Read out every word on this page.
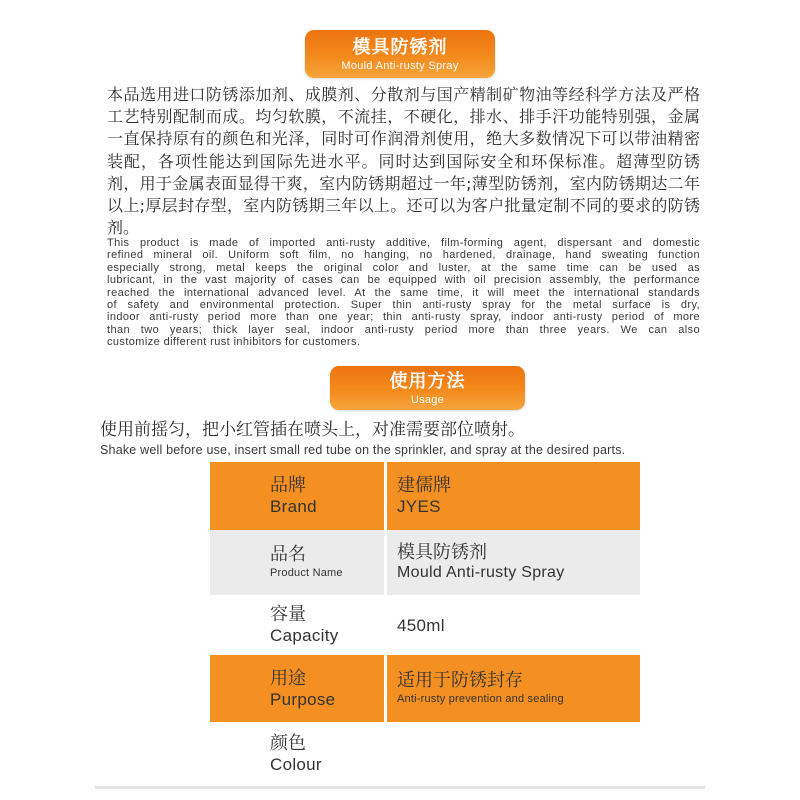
模具防锈剂
Mould Anti-rusty Spray
本品选用进口防锈添加剂、成膜剂、分散剂与国产精制矿物油等经科学方法及严格
工艺特别配制而成。均匀软膜，不流挂，不硬化，排水、排手汗功能特别强，金属
一直保持原有的颜色和光泽，同时可作润滑剂使用，绝大多数情况下可以带油精密
装配，各项性能达到国际先进水平。同时达到国际安全和环保标准。超薄型防锈
剂，用于金属表面显得干爽，室内防锈期超过一年;薄型防锈剂，室内防锈期达二年
以上;厚层封存型，室内防锈期三年以上。还可以为客户批量定制不同的要求的防锈
剂。
This product is made of imported anti-rusty additive, film-forming agent, dispersant and domestic
refined mineral oil. Uniform soft film, no hanging, no hardened, drainage, hand sweating function
especially strong, metal keeps the original color and luster, at the same time can be used as
lubricant, in the vast majority of cases can be equipped with oil precision assembly, the performance
reached the international advanced level. At the same time, it will meet the international standards
of safety and environmental protection. Super thin anti-rusty spray for the metal surface is dry,
indoor anti-rusty period more than one year; thin anti-rusty spray, indoor anti-rusty period of more
than two years; thick layer seal, indoor anti-rusty period more than three years. We can also
customize different rust inhibitors for customers.
使用方法
Usage
使用前摇匀，把小红管插在喷头上，对准需要部位喷射。
Shake well before use, insert small red tube on the sprinkler, and spray at the desired parts.
品牌
Brand
建儒牌
JYES
品名
Product Name
模具防锈剂
Mould Anti-rusty Spray
容量
Capacity
450ml
用途
Purpose
适用于防锈封存
Anti-rusty prevention and sealing
颜色
Colour
